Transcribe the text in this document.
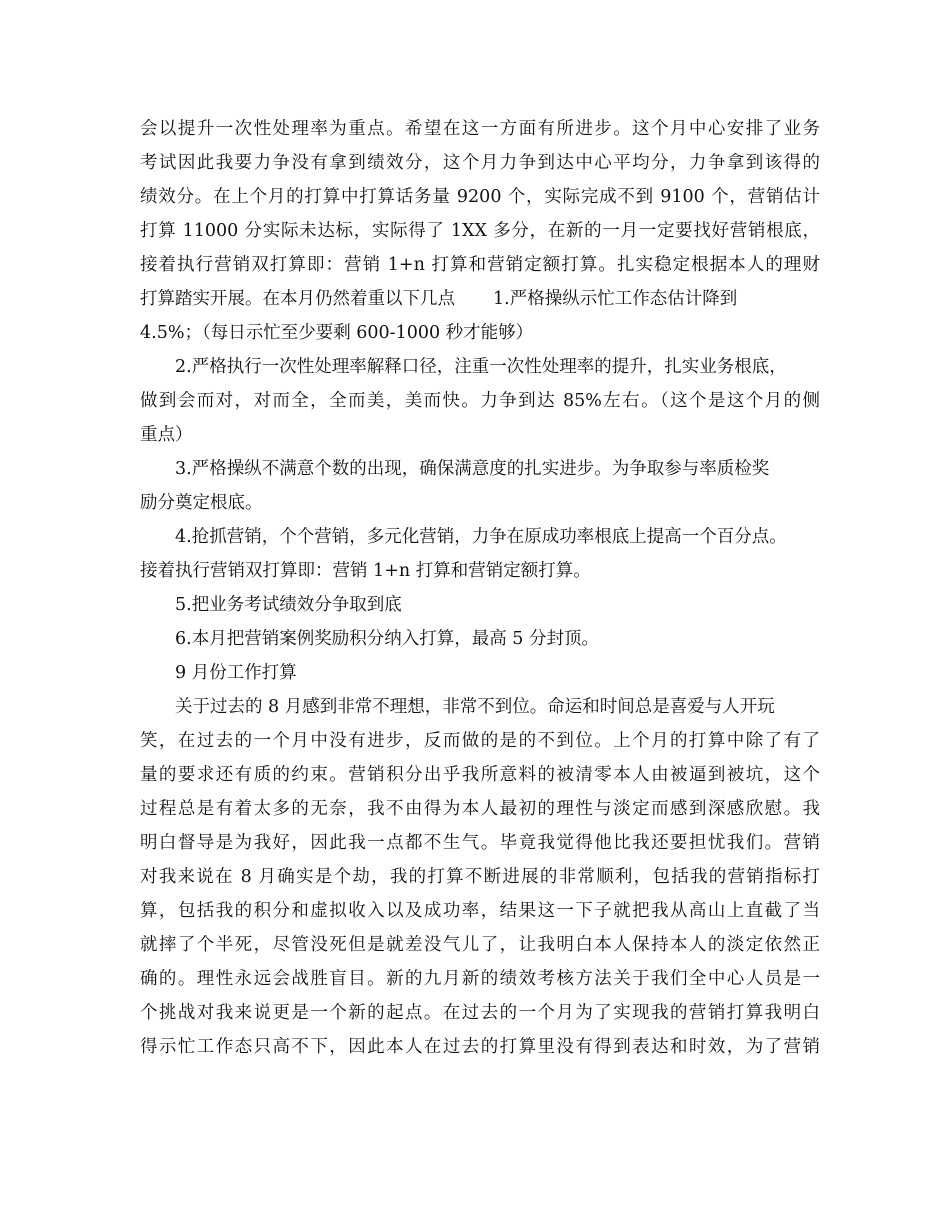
会以提升一次性处理率为重点。希望在这一方面有所进步。这个月中心安排了业务
考试因此我要力争没有拿到绩效分，这个月力争到达中心平均分，力争拿到该得的
绩效分。在上个月的打算中打算话务量 9200 个，实际完成不到 9100 个，营销估计
打算 11000 分实际未达标，实际得了 1XX 多分，在新的一月一定要找好营销根底，
接着执行营销双打算即：营销 1+n 打算和营销定额打算。扎实稳定根据本人的理财
打算踏实开展。在本月仍然着重以下几点 1.严格操纵示忙工作态估计降到
4.5%；（每日示忙至少要剩 600-1000 秒才能够）
2.严格执行一次性处理率解释口径，注重一次性处理率的提升，扎实业务根底，
做到会而对，对而全，全而美，美而快。力争到达 85%左右。（这个是这个月的侧
重点）
3.严格操纵不满意个数的出现，确保满意度的扎实进步。为争取参与率质检奖
励分奠定根底。
4.抢抓营销，个个营销，多元化营销，力争在原成功率根底上提高一个百分点。
接着执行营销双打算即：营销 1+n 打算和营销定额打算。
5.把业务考试绩效分争取到底
6.本月把营销案例奖励积分纳入打算，最高 5 分封顶。
9 月份工作打算
关于过去的 8 月感到非常不理想，非常不到位。命运和时间总是喜爱与人开玩
笑，在过去的一个月中没有进步，反而做的是的不到位。上个月的打算中除了有了
量的要求还有质的约束。营销积分出乎我所意料的被清零本人由被逼到被坑，这个
过程总是有着太多的无奈，我不由得为本人最初的理性与淡定而感到深感欣慰。我
明白督导是为我好，因此我一点都不生气。毕竟我觉得他比我还要担忧我们。营销
对我来说在 8 月确实是个劫，我的打算不断进展的非常顺利，包括我的营销指标打
算，包括我的积分和虚拟收入以及成功率，结果这一下子就把我从高山上直截了当
就摔了个半死，尽管没死但是就差没气儿了，让我明白本人保持本人的淡定依然正
确的。理性永远会战胜盲目。新的九月新的绩效考核方法关于我们全中心人员是一
个挑战对我来说更是一个新的起点。在过去的一个月为了实现我的营销打算我明白
得示忙工作态只高不下，因此本人在过去的打算里没有得到表达和时效，为了营销
